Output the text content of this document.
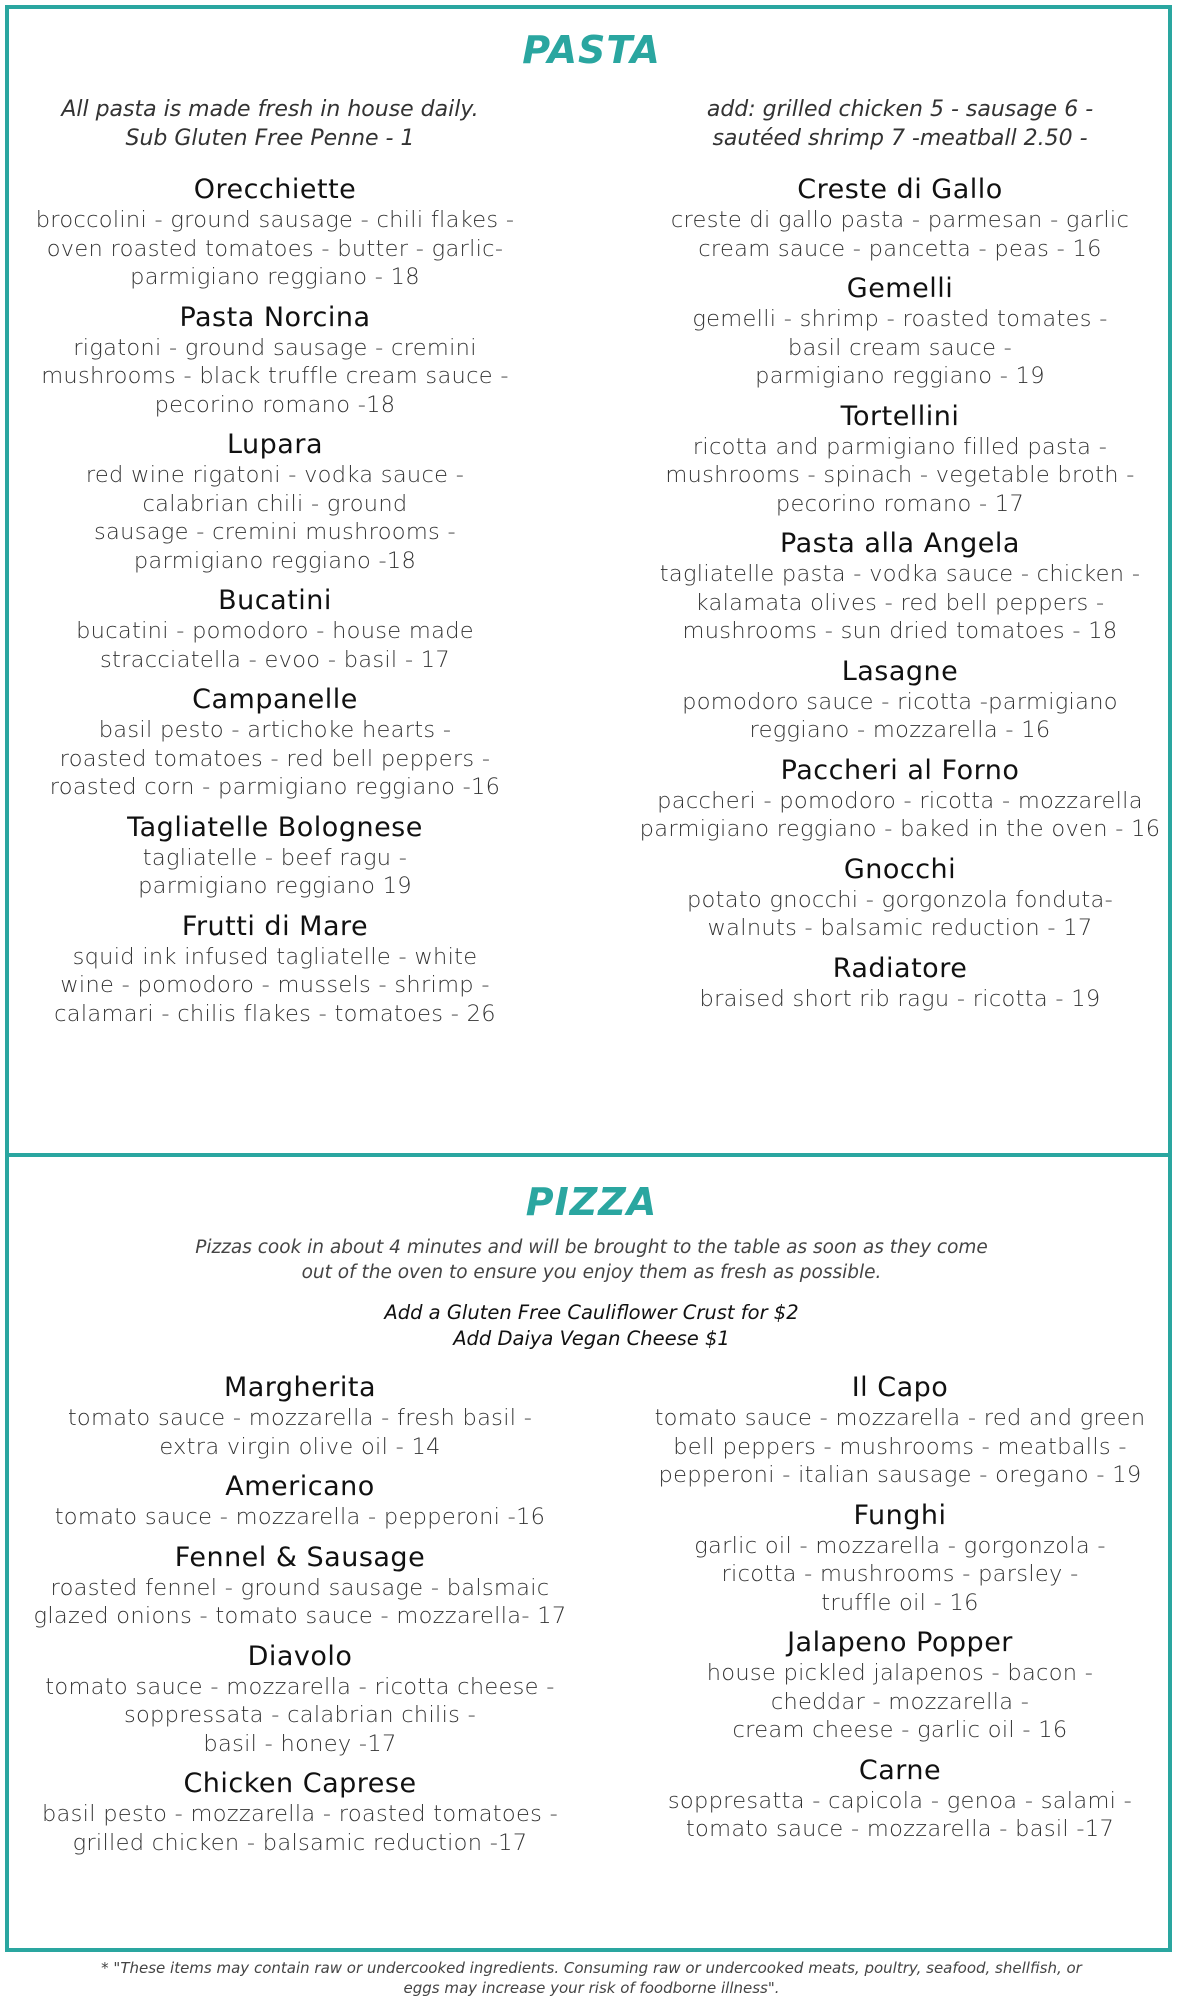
PASTA
All pasta is made fresh in house daily.
Sub Gluten Free Penne - 1
add: grilled chicken 5 - sausage 6 -
sautéed shrimp 7 -meatball 2.50 -
Orecchiette
broccolini - ground sausage - chili flakes -
oven roasted tomatoes - butter - garlic-
parmigiano reggiano - 18
Pasta Norcina
rigatoni - ground sausage - cremini
mushrooms - black truffle cream sauce -
pecorino romano -18
Lupara
red wine rigatoni - vodka sauce -
calabrian chili - ground
sausage - cremini mushrooms -
parmigiano reggiano -18
Bucatini
bucatini - pomodoro - house made
stracciatella - evoo - basil - 17
Campanelle
basil pesto - artichoke hearts -
roasted tomatoes - red bell peppers -
roasted corn - parmigiano reggiano -16
Tagliatelle Bolognese
tagliatelle - beef ragu -
parmigiano reggiano 19
Frutti di Mare
squid ink infused tagliatelle - white
wine - pomodoro - mussels - shrimp -
calamari - chilis flakes - tomatoes - 26
Creste di Gallo
creste di gallo pasta - parmesan - garlic
cream sauce - pancetta - peas - 16
Gemelli
gemelli - shrimp - roasted tomates -
basil cream sauce -
parmigiano reggiano - 19
Tortellini
ricotta and parmigiano filled pasta -
mushrooms - spinach - vegetable broth -
pecorino romano - 17
Pasta alla Angela
tagliatelle pasta - vodka sauce - chicken -
kalamata olives - red bell peppers -
mushrooms - sun dried tomatoes - 18
Lasagne
pomodoro sauce - ricotta -parmigiano
reggiano - mozzarella - 16
Paccheri al Forno
paccheri - pomodoro - ricotta - mozzarella
parmigiano reggiano - baked in the oven - 16
Gnocchi
potato gnocchi - gorgonzola fonduta-
walnuts - balsamic reduction - 17
Radiatore
braised short rib ragu - ricotta - 19
PIZZA
Pizzas cook in about 4 minutes and will be brought to the table as soon as they come
out of the oven to ensure you enjoy them as fresh as possible.
Add a Gluten Free Cauliflower Crust for $2
Add Daiya Vegan Cheese $1
Margherita
tomato sauce - mozzarella - fresh basil -
extra virgin olive oil - 14
Americano
tomato sauce - mozzarella - pepperoni -16
Fennel & Sausage
roasted fennel - ground sausage - balsmaic
glazed onions - tomato sauce - mozzarella- 17
Diavolo
tomato sauce - mozzarella - ricotta cheese -
soppressata - calabrian chilis -
basil - honey -17
Chicken Caprese
basil pesto - mozzarella - roasted tomatoes -
grilled chicken - balsamic reduction -17
Il Capo
tomato sauce - mozzarella - red and green
bell peppers - mushrooms - meatballs -
pepperoni - italian sausage - oregano - 19
Funghi
garlic oil - mozzarella - gorgonzola -
ricotta - mushrooms - parsley -
truffle oil - 16
Jalapeno Popper
house pickled jalapenos - bacon -
cheddar - mozzarella -
cream cheese - garlic oil - 16
Carne
soppresatta - capicola - genoa - salami -
tomato sauce - mozzarella - basil -17
* "These items may contain raw or undercooked ingredients. Consuming raw or undercooked meats, poultry, seafood, shellfish, or
eggs may increase your risk of foodborne illness".
